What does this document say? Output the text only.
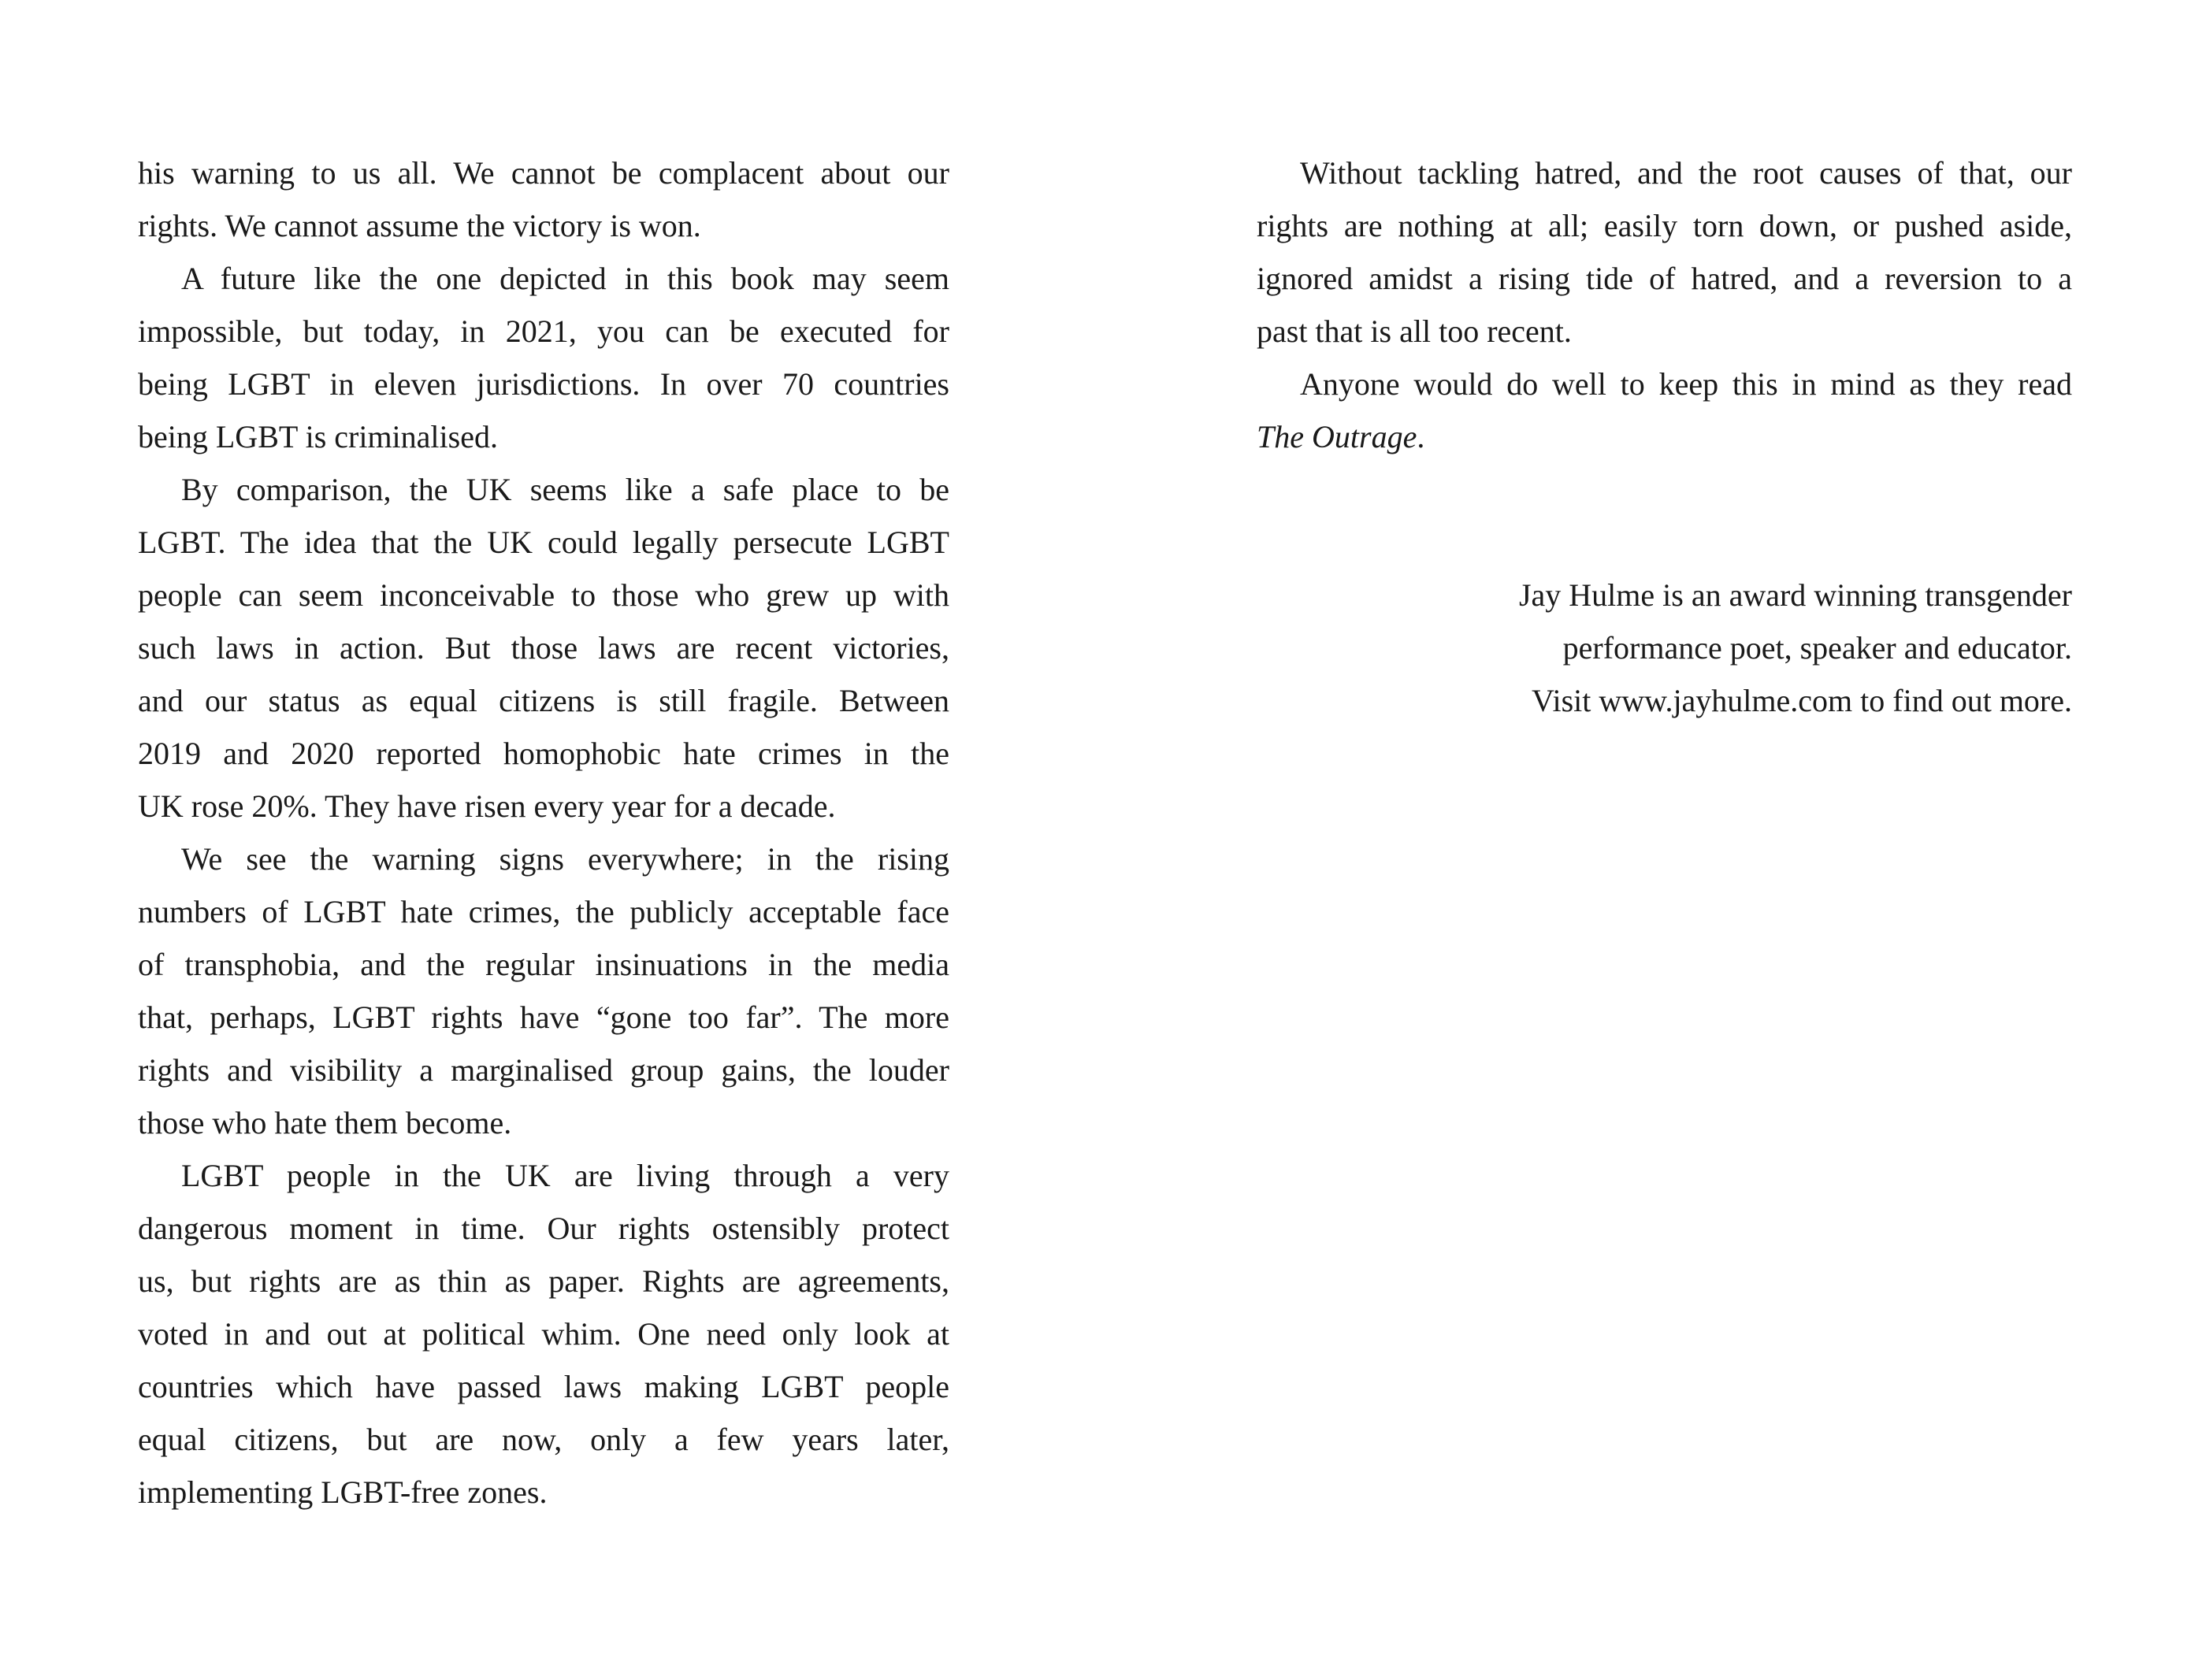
his warning to us all. We cannot be complacent about our
rights. We cannot assume the victory is won.
A future like the one depicted in this book may seem
impossible, but today, in 2021, you can be executed for
being LGBT in eleven jurisdictions. In over 70 countries
being LGBT is criminalised.
By comparison, the UK seems like a safe place to be
LGBT. The idea that the UK could legally persecute LGBT
people can seem inconceivable to those who grew up with
such laws in action. But those laws are recent victories,
and our status as equal citizens is still fragile. Between
2019 and 2020 reported homophobic hate crimes in the
UK rose 20%. They have risen every year for a decade.
We see the warning signs everywhere; in the rising
numbers of LGBT hate crimes, the publicly acceptable face
of transphobia, and the regular insinuations in the media
that, perhaps, LGBT rights have “gone too far”. The more
rights and visibility a marginalised group gains, the louder
those who hate them become.
LGBT people in the UK are living through a very
dangerous moment in time. Our rights ostensibly protect
us, but rights are as thin as paper. Rights are agreements,
voted in and out at political whim. One need only look at
countries which have passed laws making LGBT people
equal citizens, but are now, only a few years later,
implementing LGBT-free zones.
Without tackling hatred, and the root causes of that, our
rights are nothing at all; easily torn down, or pushed aside,
ignored amidst a rising tide of hatred, and a reversion to a
past that is all too recent.
Anyone would do well to keep this in mind as they read
The Outrage.
Jay Hulme is an award winning transgender
performance poet, speaker and educator.
Visit www.jayhulme.com to find out more.
